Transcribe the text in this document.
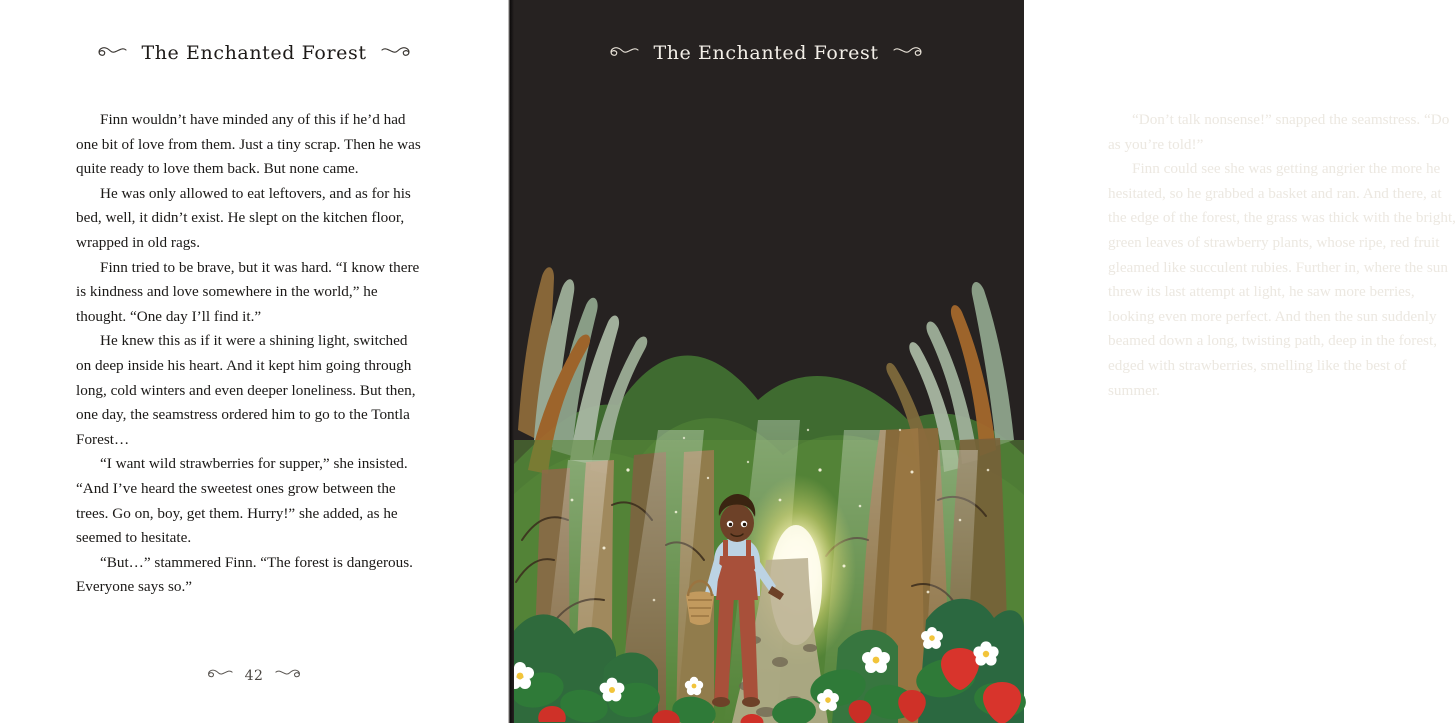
The Enchanted Forest

Finn wouldn’t have minded any of this if he’d had one bit of love from them. Just a tiny scrap. Then he was quite ready to love them back. But none came.

He was only allowed to eat leftovers, and as for his bed, well, it didn’t exist. He slept on the kitchen floor, wrapped in old rags.

Finn tried to be brave, but it was hard. “I know there is kindness and love somewhere in the world,” he thought. “One day I’ll find it.”

He knew this as if it were a shining light, switched on deep inside his heart. And it kept him going through long, cold winters and even deeper loneliness. But then, one day, the seamstress ordered him to go to the Tontla Forest…

“I want wild strawberries for supper,” she insisted. “And I’ve heard the sweetest ones grow between the trees. Go on, boy, get them. Hurry!” she added, as he seemed to hesitate.

“But…” stammered Finn. “The forest is dangerous. Everyone says so.”

42
The Enchanted Forest

“Don’t talk nonsense!” snapped the seamstress. “Do as you’re told!”

Finn could see she was getting angrier the more he hesitated, so he grabbed a basket and ran. And there, at the edge of the forest, the grass was thick with the bright, green leaves of strawberry plants, whose ripe, red fruit gleamed like succulent rubies. Further in, where the sun threw its last attempt at light, he saw more berries, looking even more perfect. And then the sun suddenly beamed down a long, twisting path, deep in the forest, edged with strawberries, smelling like the best of summer.
